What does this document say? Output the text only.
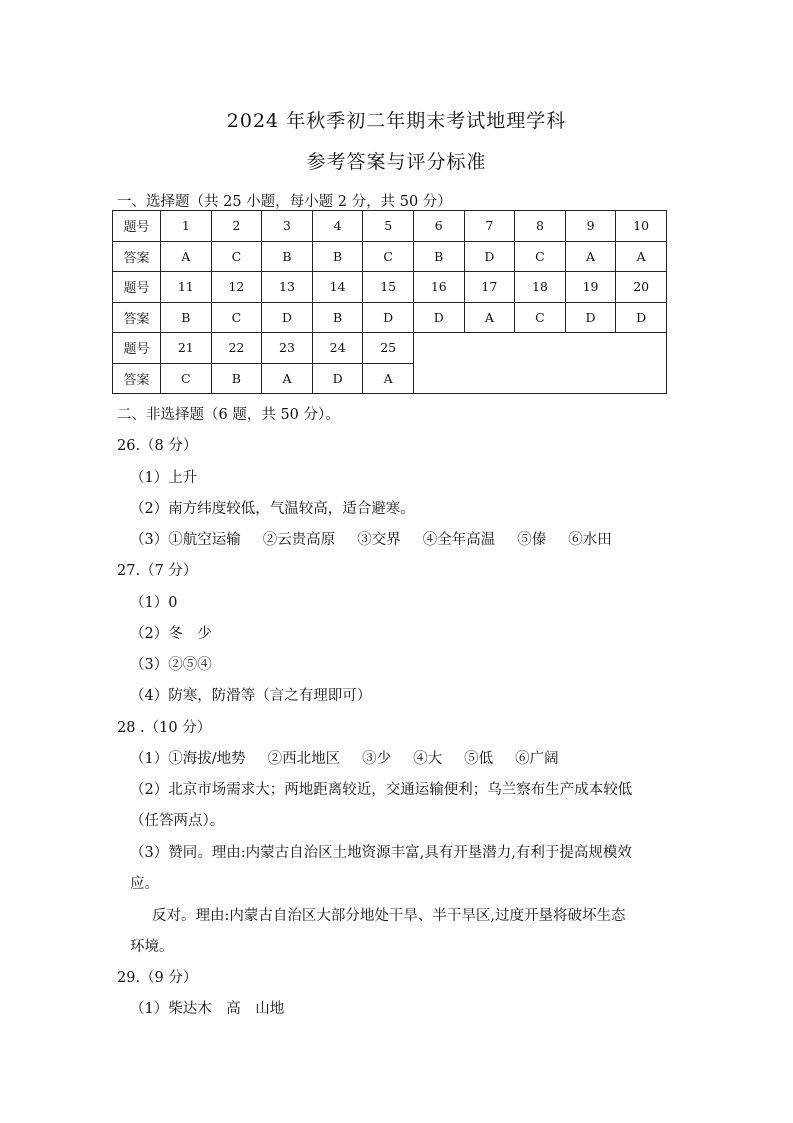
2024 年秋季初二年期末考试地理学科
参考答案与评分标准
一、选择题（共 25 小题，每小题 2 分，共 50 分）
题号	1	2	3	4	5	6	7	8	9	10
答案	A	C	B	B	C	B	D	C	A	A
题号	11	12	13	14	15	16	17	18	19	20
答案	B	C	D	B	D	D	A	C	D	D
题号	21	22	23	24	25					
答案	C	B	A	D	A					
二、非选择题（6 题，共 50 分）。
26.（8 分）
（1）上升
（2）南方纬度较低，气温较高，适合避寒。
（3）①航空运输 ②云贵高原 ③交界 ④全年高温 ⑤傣 ⑥水田
27.（7 分）
（1）0
（2）冬　少
（3）②⑤④
（4）防寒，防滑等（言之有理即可）
28 .（10 分）
（1）①海拔/地势 ②西北地区 ③少 ④大 ⑤低 ⑥广阔
（2）北京市场需求大；两地距离较近，交通运输便利；乌兰察布生产成本较低
（任答两点）。
（3）赞同。理由:内蒙古自治区土地资源丰富,具有开垦潜力,有利于提高规模效
应。
反对。理由:内蒙古自治区大部分地处干旱、半干旱区,过度开垦将破坏生态
环境。
29.（9 分）
（1）柴达木　高　山地
